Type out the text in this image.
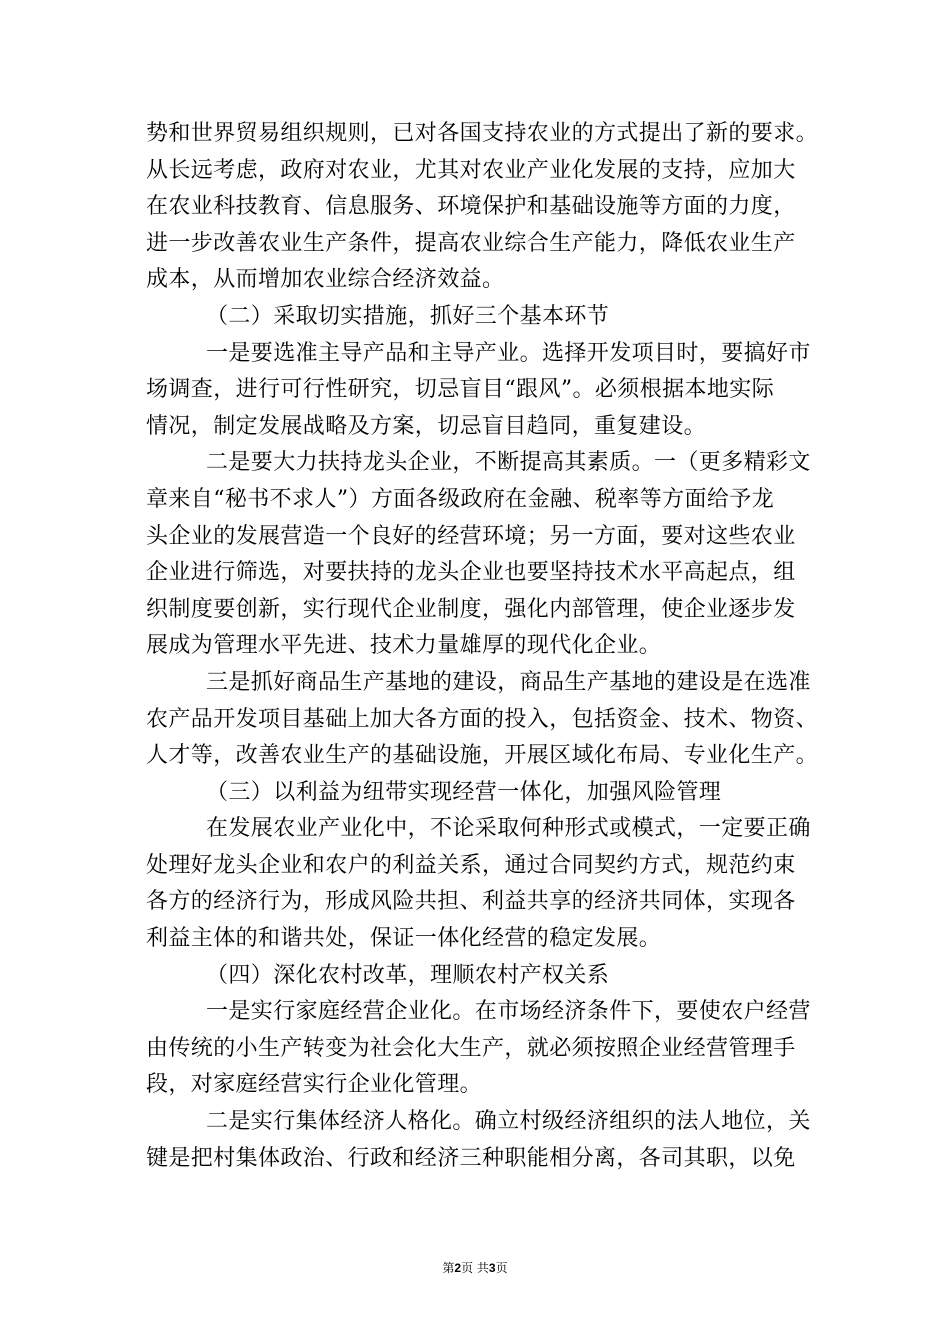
势和世界贸易组织规则，已对各国支持农业的方式提出了新的要求。
从长远考虑，政府对农业，尤其对农业产业化发展的支持，应加大
在农业科技教育、信息服务、环境保护和基础设施等方面的力度，
进一步改善农业生产条件，提高农业综合生产能力，降低农业生产
成本，从而增加农业综合经济效益。
（二）采取切实措施，抓好三个基本环节
一是要选准主导产品和主导产业。选择开发项目时，要搞好市
场调查，进行可行性研究，切忌盲目“跟风”。必须根据本地实际
情况，制定发展战略及方案，切忌盲目趋同，重复建设。
二是要大力扶持龙头企业，不断提高其素质。一（更多精彩文
章来自“秘书不求人”）方面各级政府在金融、税率等方面给予龙
头企业的发展营造一个良好的经营环境；另一方面，要对这些农业
企业进行筛选，对要扶持的龙头企业也要坚持技术水平高起点，组
织制度要创新，实行现代企业制度，强化内部管理，使企业逐步发
展成为管理水平先进、技术力量雄厚的现代化企业。
三是抓好商品生产基地的建设，商品生产基地的建设是在选准
农产品开发项目基础上加大各方面的投入，包括资金、技术、物资、
人才等，改善农业生产的基础设施，开展区域化布局、专业化生产。
（三）以利益为纽带实现经营一体化，加强风险管理
在发展农业产业化中，不论采取何种形式或模式，一定要正确
处理好龙头企业和农户的利益关系，通过合同契约方式，规范约束
各方的经济行为，形成风险共担、利益共享的经济共同体，实现各
利益主体的和谐共处，保证一体化经营的稳定发展。
（四）深化农村改革，理顺农村产权关系
一是实行家庭经营企业化。在市场经济条件下，要使农户经营
由传统的小生产转变为社会化大生产，就必须按照企业经营管理手
段，对家庭经营实行企业化管理。
二是实行集体经济人格化。确立村级经济组织的法人地位，关
键是把村集体政治、行政和经济三种职能相分离，各司其职，以免
第2页 共3页
